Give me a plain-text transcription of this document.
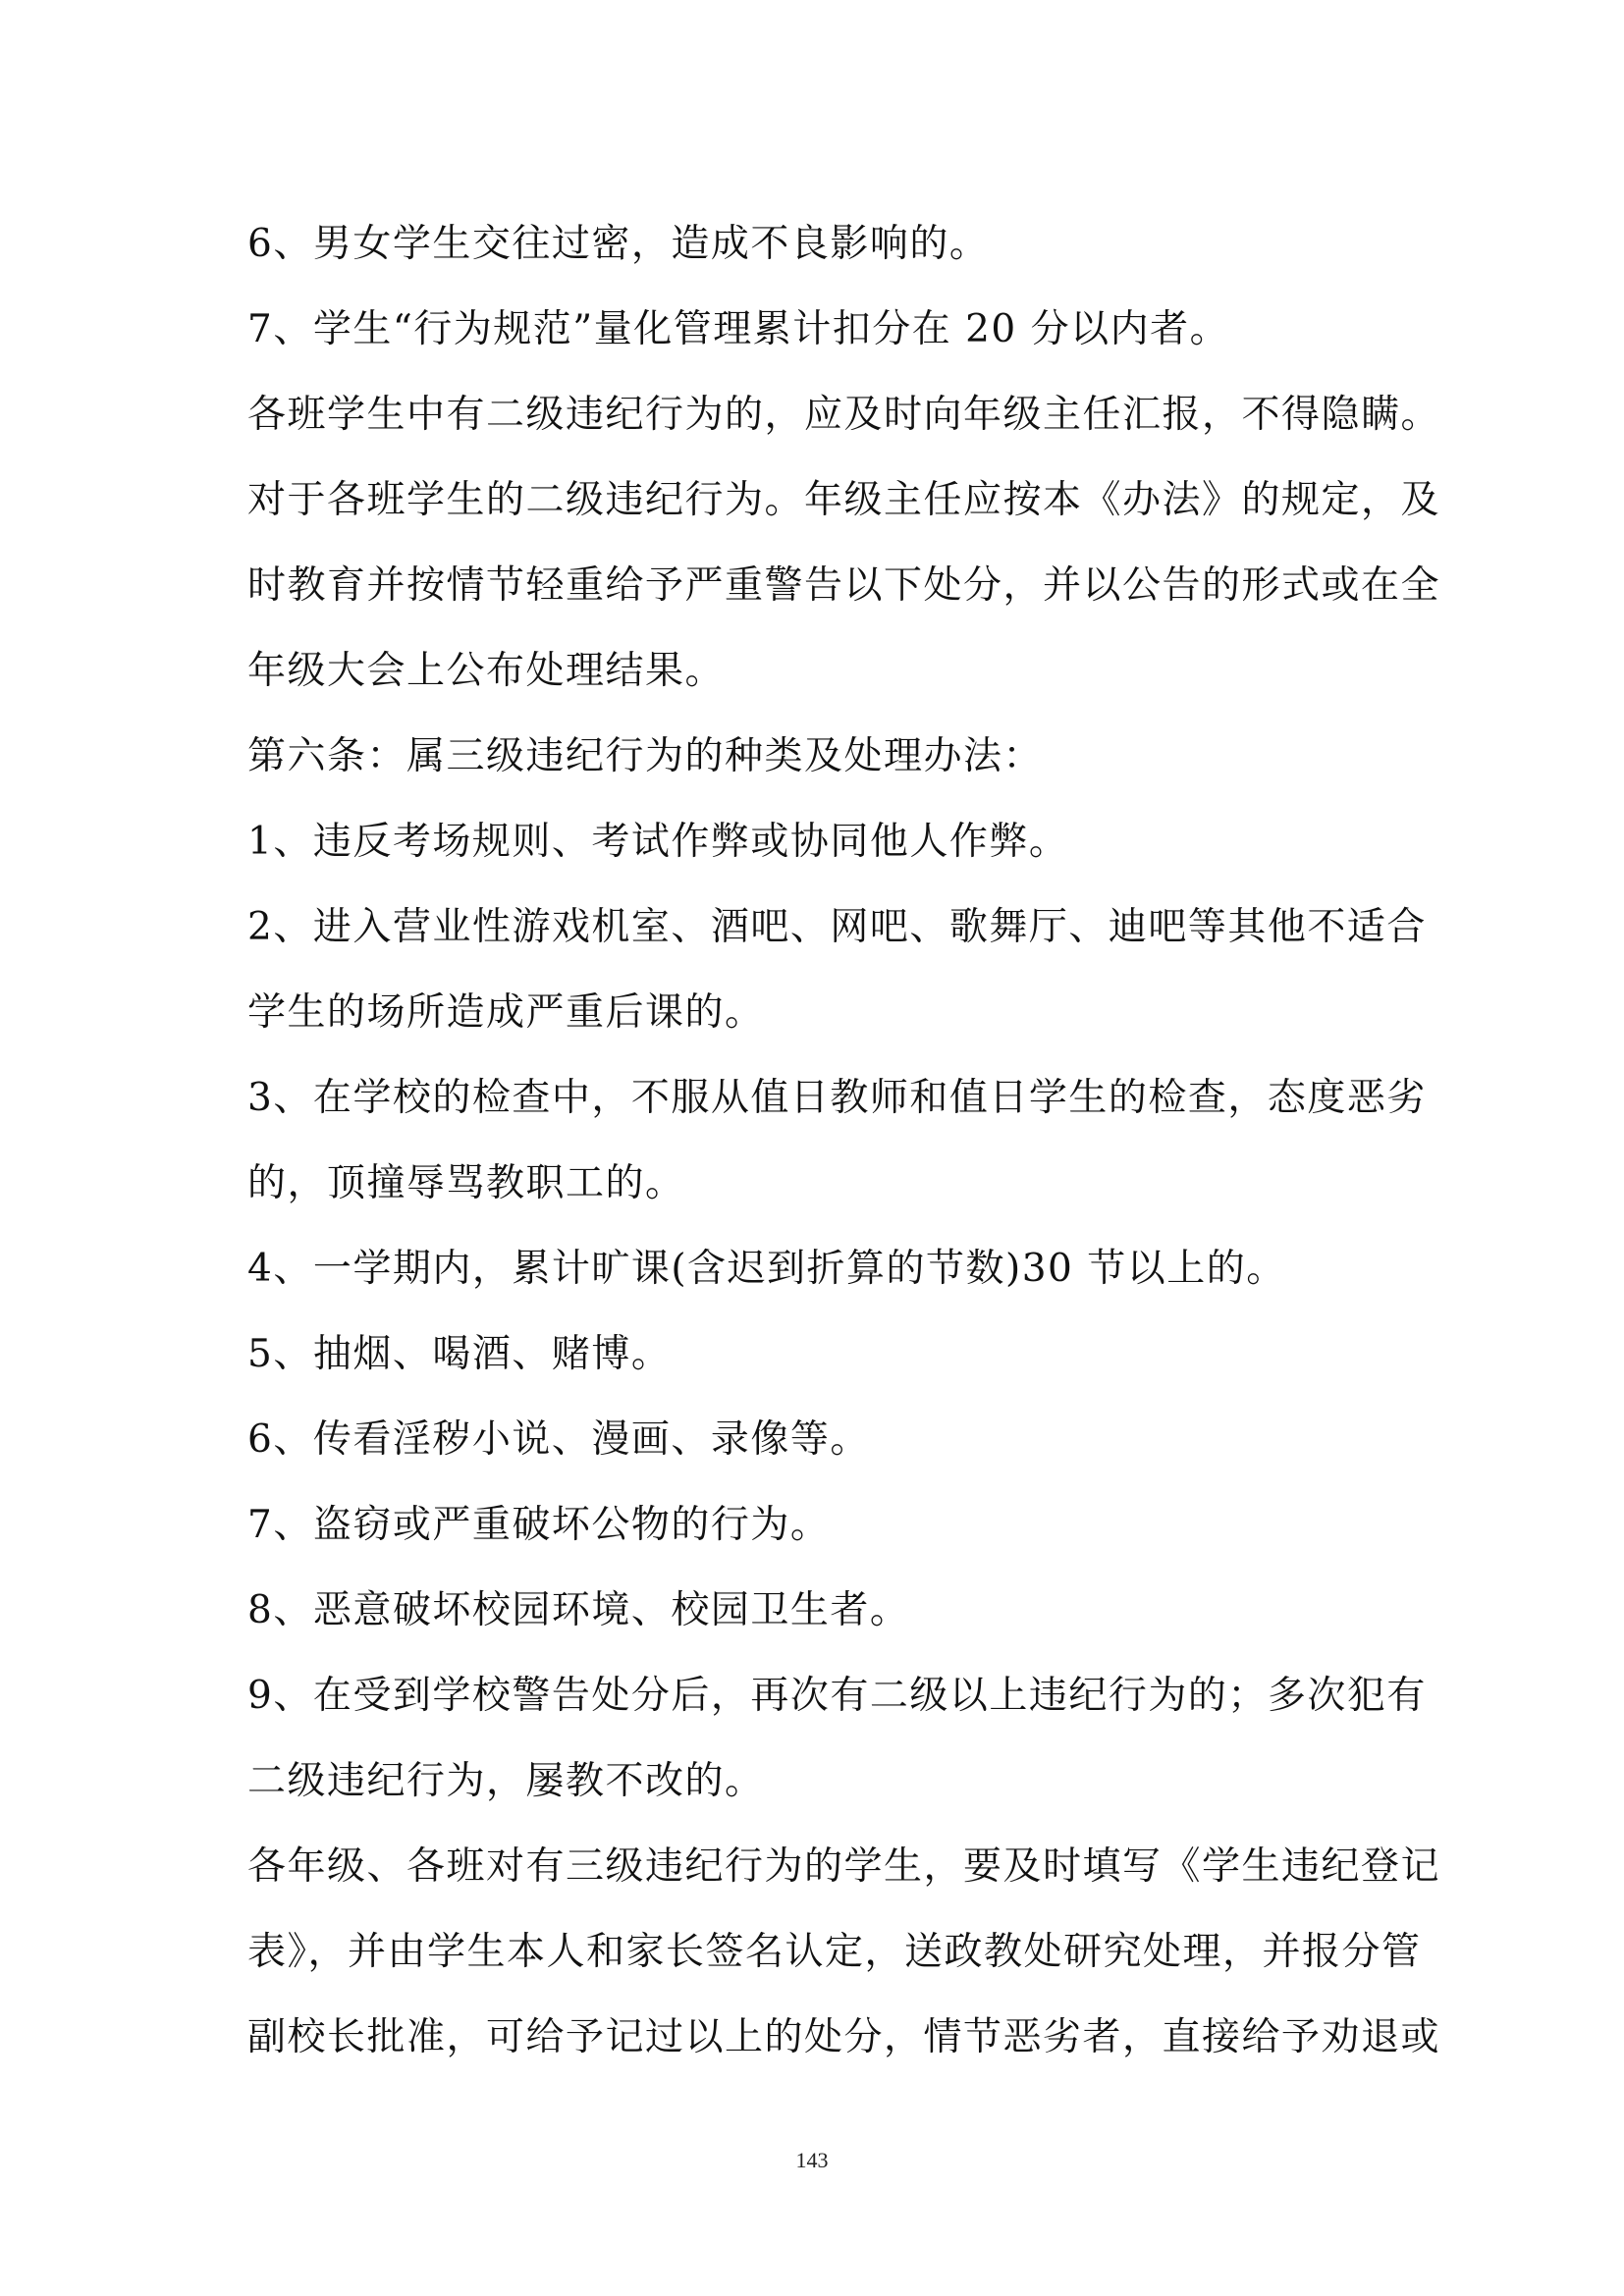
6、男女学生交往过密，造成不良影响的。
7、学生“行为规范”量化管理累计扣分在 20 分以内者。
各班学生中有二级违纪行为的，应及时向年级主任汇报，不得隐瞒。
对于各班学生的二级违纪行为。年级主任应按本《办法》的规定，及
时教育并按情节轻重给予严重警告以下处分，并以公告的形式或在全
年级大会上公布处理结果。
第六条：属三级违纪行为的种类及处理办法：
1、违反考场规则、考试作弊或协同他人作弊。
2、进入营业性游戏机室、酒吧、网吧、歌舞厅、迪吧等其他不适合
学生的场所造成严重后课的。
3、在学校的检查中，不服从值日教师和值日学生的检查，态度恶劣
的，顶撞辱骂教职工的。
4、一学期内，累计旷课(含迟到折算的节数)30 节以上的。
5、抽烟、喝酒、赌博。
6、传看淫秽小说、漫画、录像等。
7、盗窃或严重破坏公物的行为。
8、恶意破坏校园环境、校园卫生者。
9、在受到学校警告处分后，再次有二级以上违纪行为的；多次犯有
二级违纪行为，屡教不改的。
各年级、各班对有三级违纪行为的学生，要及时填写《学生违纪登记
表》，并由学生本人和家长签名认定，送政教处研究处理，并报分管
副校长批准，可给予记过以上的处分，情节恶劣者，直接给予劝退或
143
